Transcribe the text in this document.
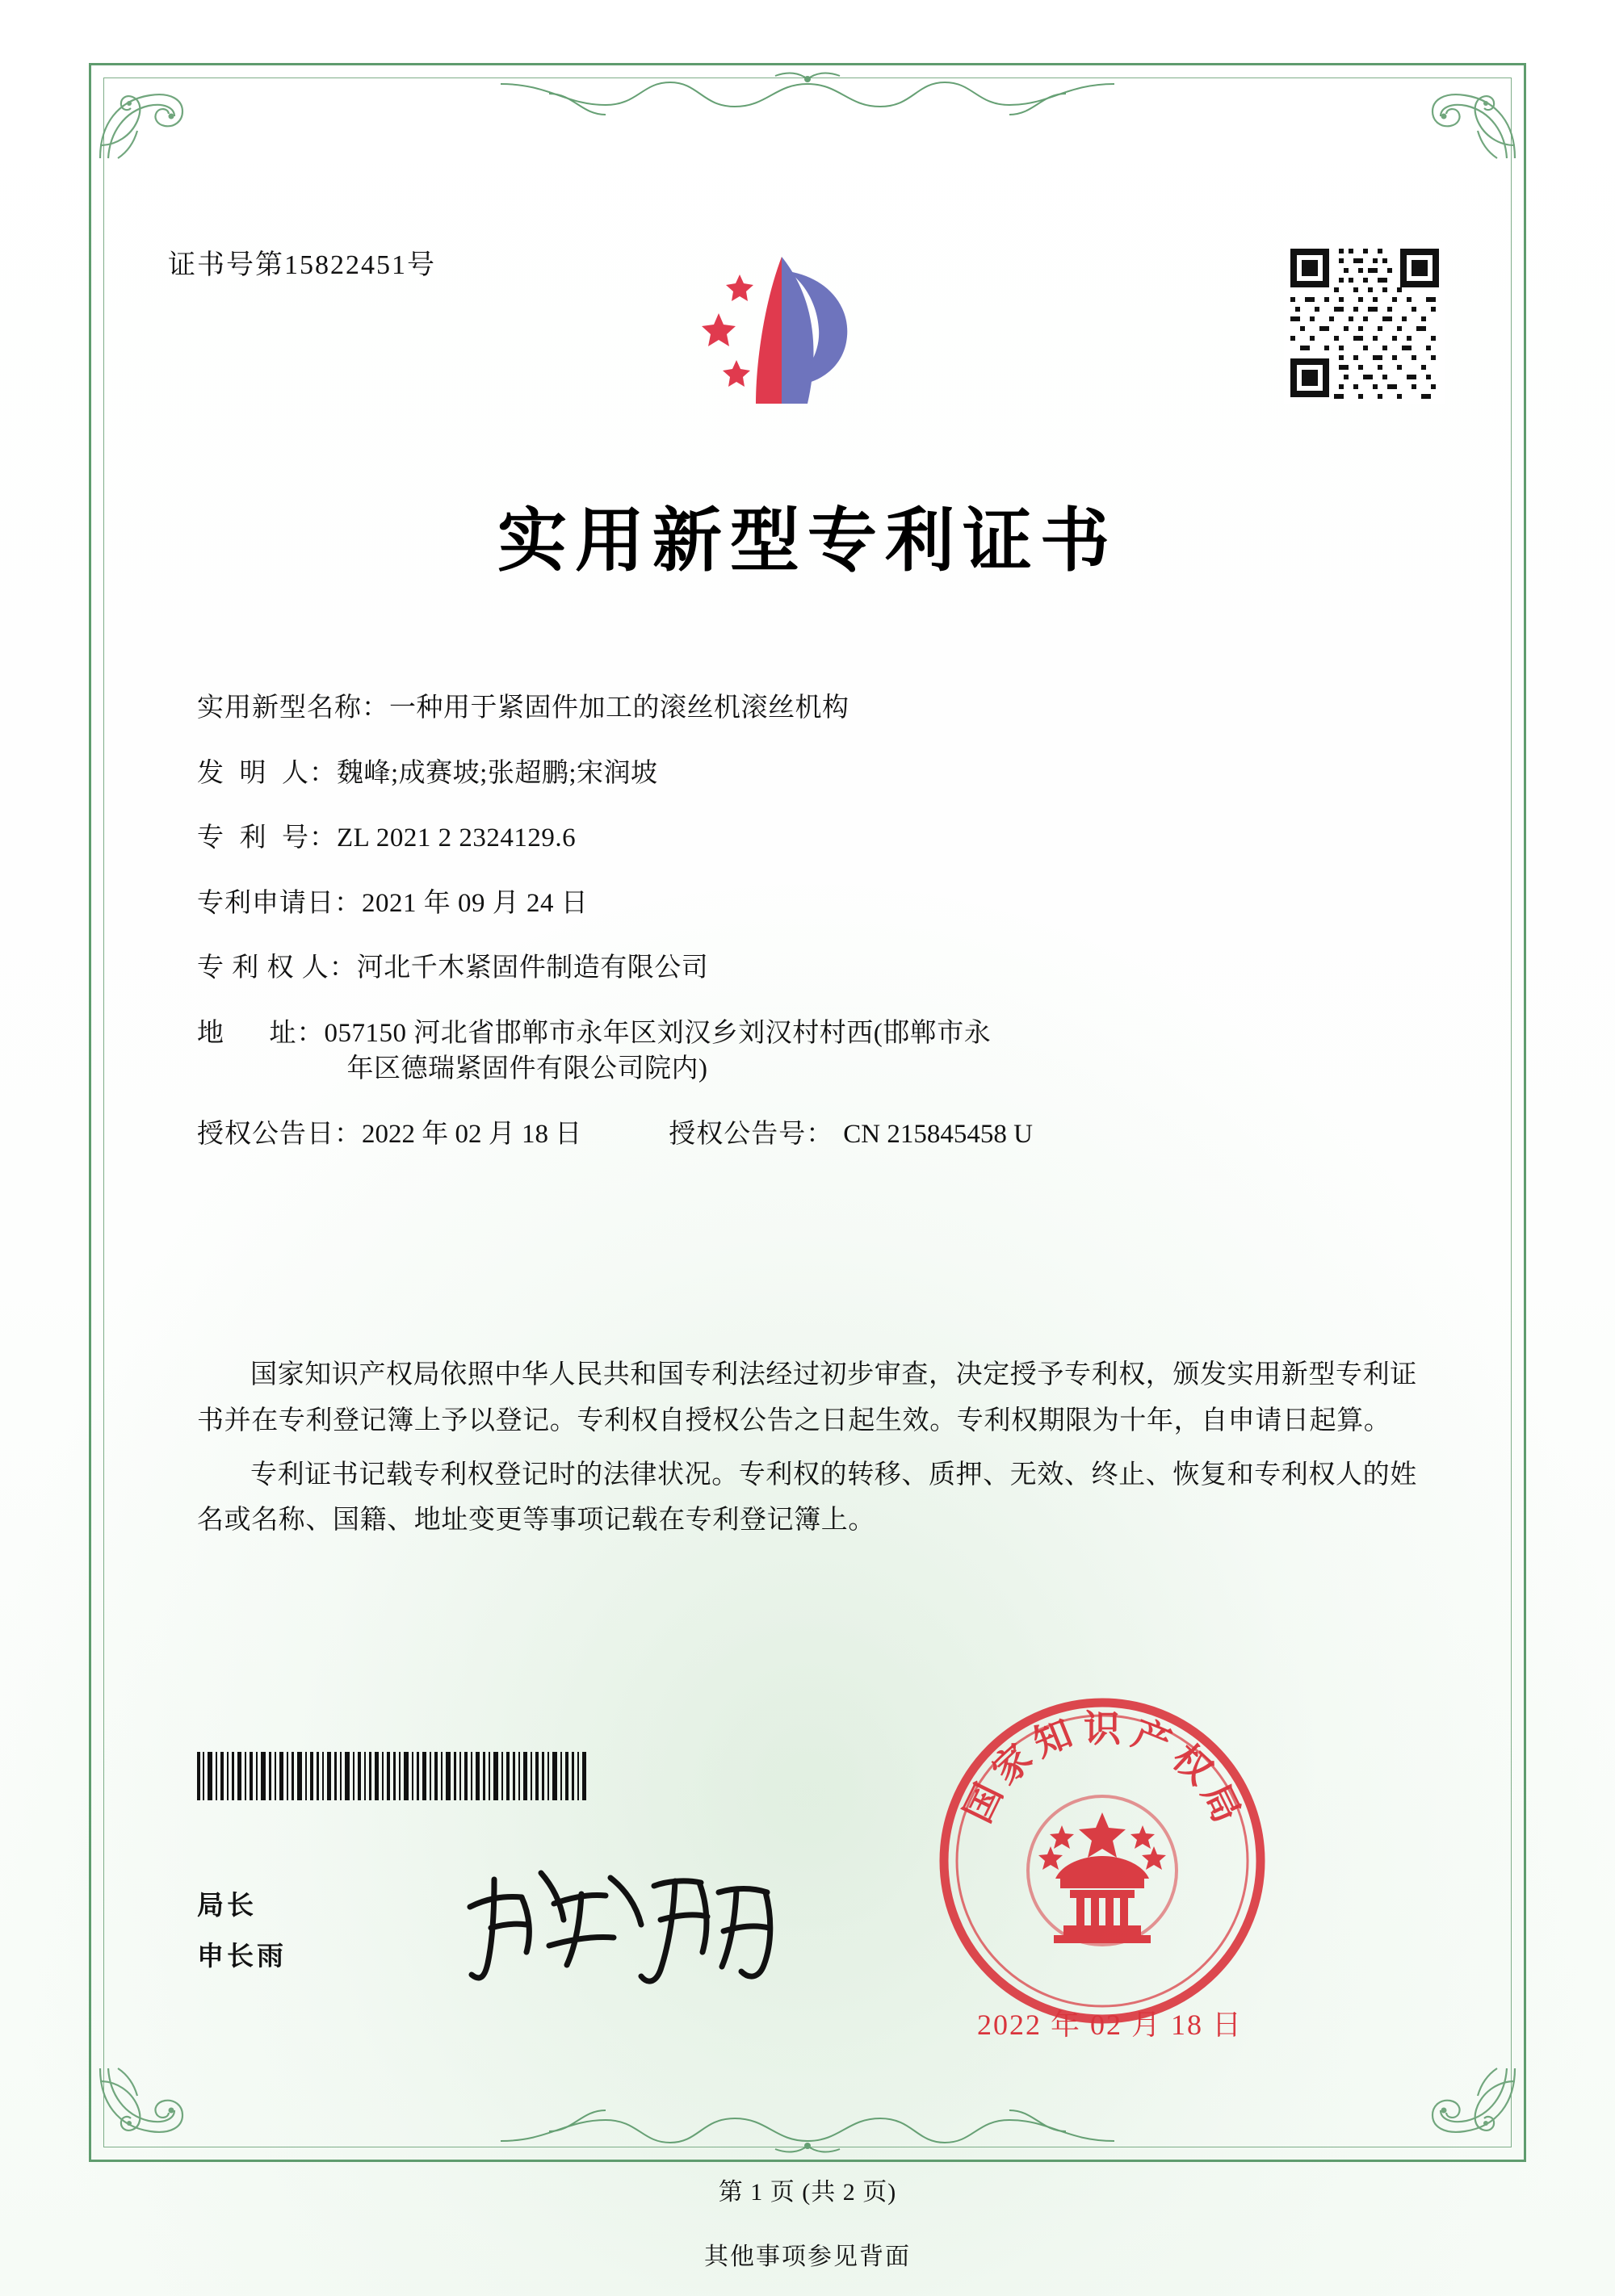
证书号第15822451号
实用新型专利证书
实用新型名称： 一种用于紧固件加工的滚丝机滚丝机构
发  明  人： 魏峰;成赛坡;张超鹏;宋润坡
专  利  号： ZL 2021 2 2324129.6
专利申请日： 2021 年 09 月 24 日
专 利 权 人： 河北千木紧固件制造有限公司
地      址： 057150 河北省邯郸市永年区刘汉乡刘汉村村西(邯郸市永
年区德瑞紧固件有限公司院内)
授权公告日： 2022 年 02 月 18 日	授权公告号： CN 215845458 U

国家知识产权局依照中华人民共和国专利法经过初步审查，决定授予专利权，颁发实用新型专利证书并在专利登记簿上予以登记。专利权自授权公告之日起生效。专利权期限为十年，自申请日起算。

专利证书记载专利权登记时的法律状况。专利权的转移、质押、无效、终止、恢复和专利权人的姓名或名称、国籍、地址变更等事项记载在专利登记簿上。

局长
申长雨
国
家
知 识 产
权
局
2022 年 02 月 18 日
第 1 页 (共 2 页)
其他事项参见背面
